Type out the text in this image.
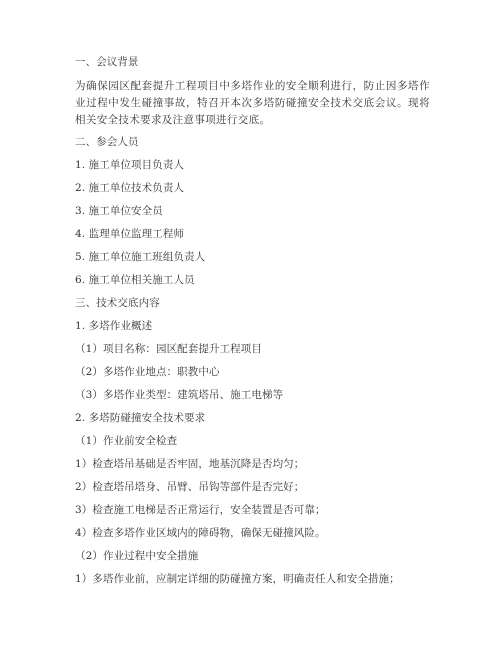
一、会议背景
为确保园区配套提升工程项目中多塔作业的安全顺利进行，防止因多塔作业过程中发生碰撞事故，特召开本次多塔防碰撞安全技术交底会议。现将相关安全技术要求及注意事项进行交底。
二、参会人员
1. 施工单位项目负责人
2. 施工单位技术负责人
3. 施工单位安全员
4. 监理单位监理工程师
5. 施工单位施工班组负责人
6. 施工单位相关施工人员
三、技术交底内容
1. 多塔作业概述
（1）项目名称：园区配套提升工程项目
（2）多塔作业地点：职教中心
（3）多塔作业类型：建筑塔吊、施工电梯等
2. 多塔防碰撞安全技术要求
（1）作业前安全检查
1）检查塔吊基础是否牢固，地基沉降是否均匀；
2）检查塔吊塔身、吊臂、吊钩等部件是否完好；
3）检查施工电梯是否正常运行，安全装置是否可靠；
4）检查多塔作业区域内的障碍物，确保无碰撞风险。
（2）作业过程中安全措施
1）多塔作业前，应制定详细的防碰撞方案，明确责任人和安全措施；
